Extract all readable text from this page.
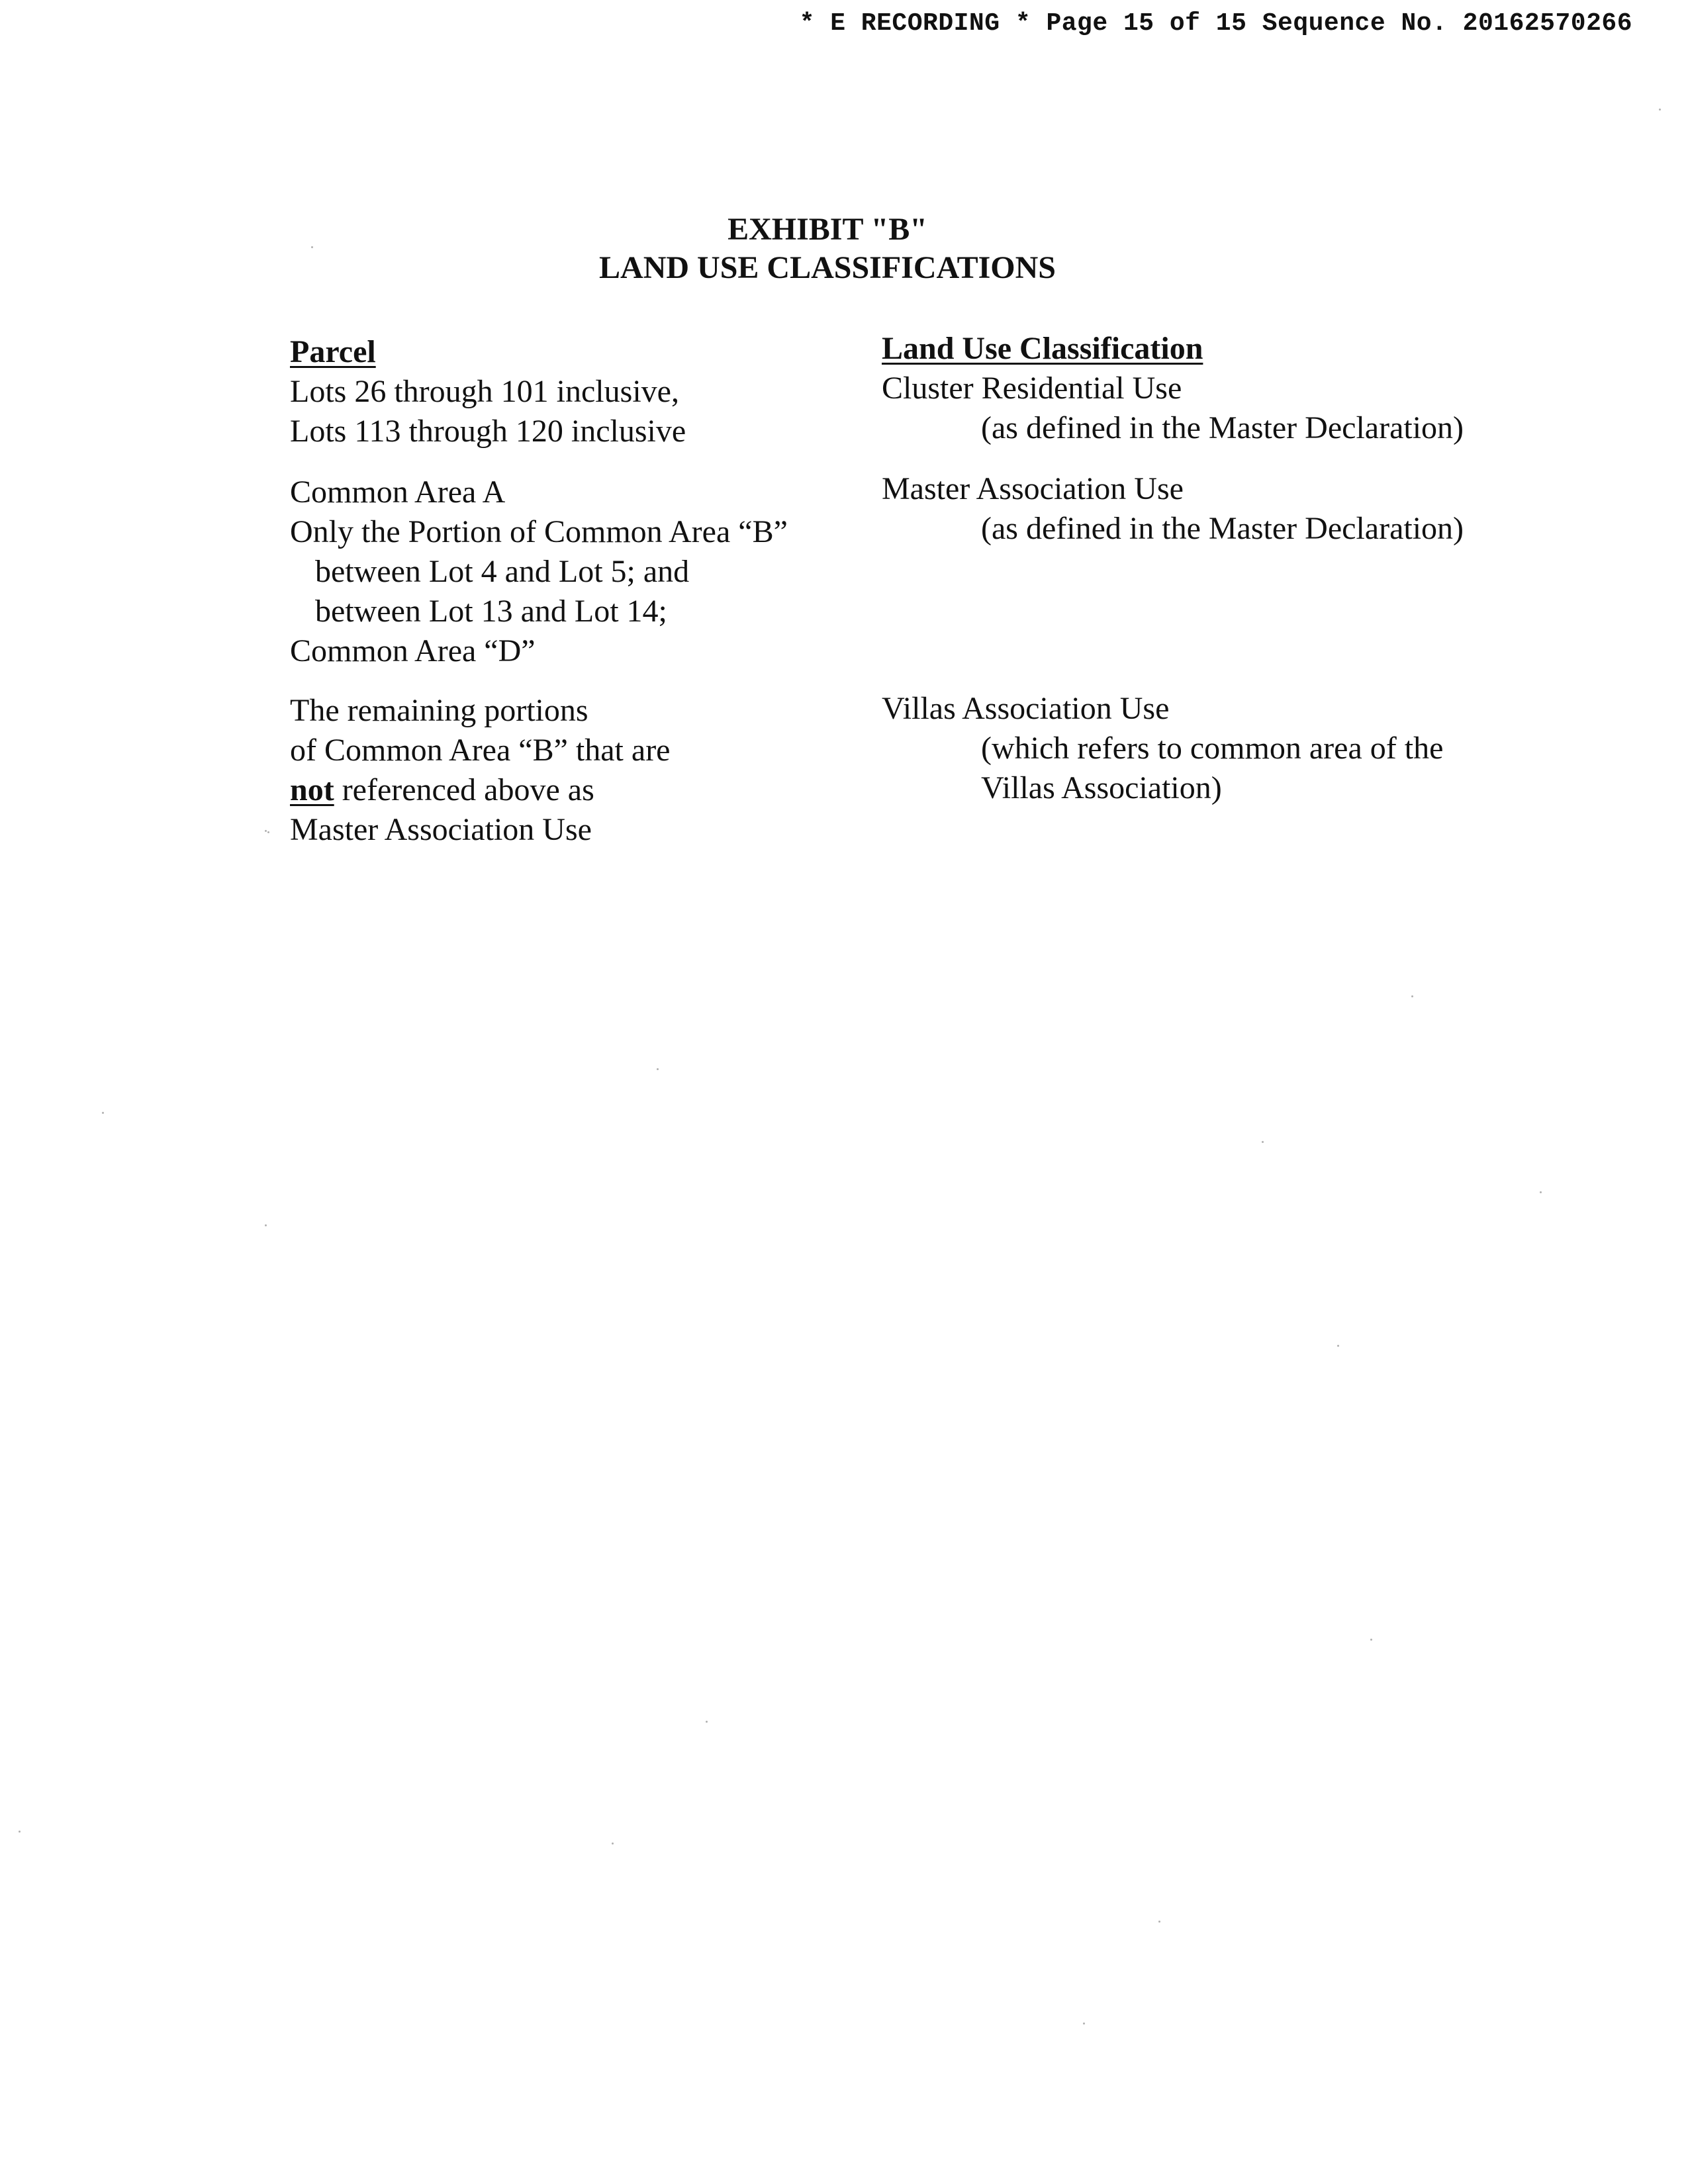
* E RECORDING * Page 15 of 15 Sequence No. 20162570266
EXHIBIT "B"
LAND USE CLASSIFICATIONS
Parcel
Lots 26 through 101 inclusive,
Lots 113 through 120 inclusive
Common Area A
Only the Portion of Common Area “B”
between Lot 4 and Lot 5; and
between Lot 13 and Lot 14;
Common Area “D”
The remaining portions
of Common Area “B” that are
not referenced above as
Master Association Use
Land Use Classification
Cluster Residential Use
(as defined in the Master Declaration)
Master Association Use
(as defined in the Master Declaration)
Villas Association Use
(which refers to common area of the
Villas Association)
